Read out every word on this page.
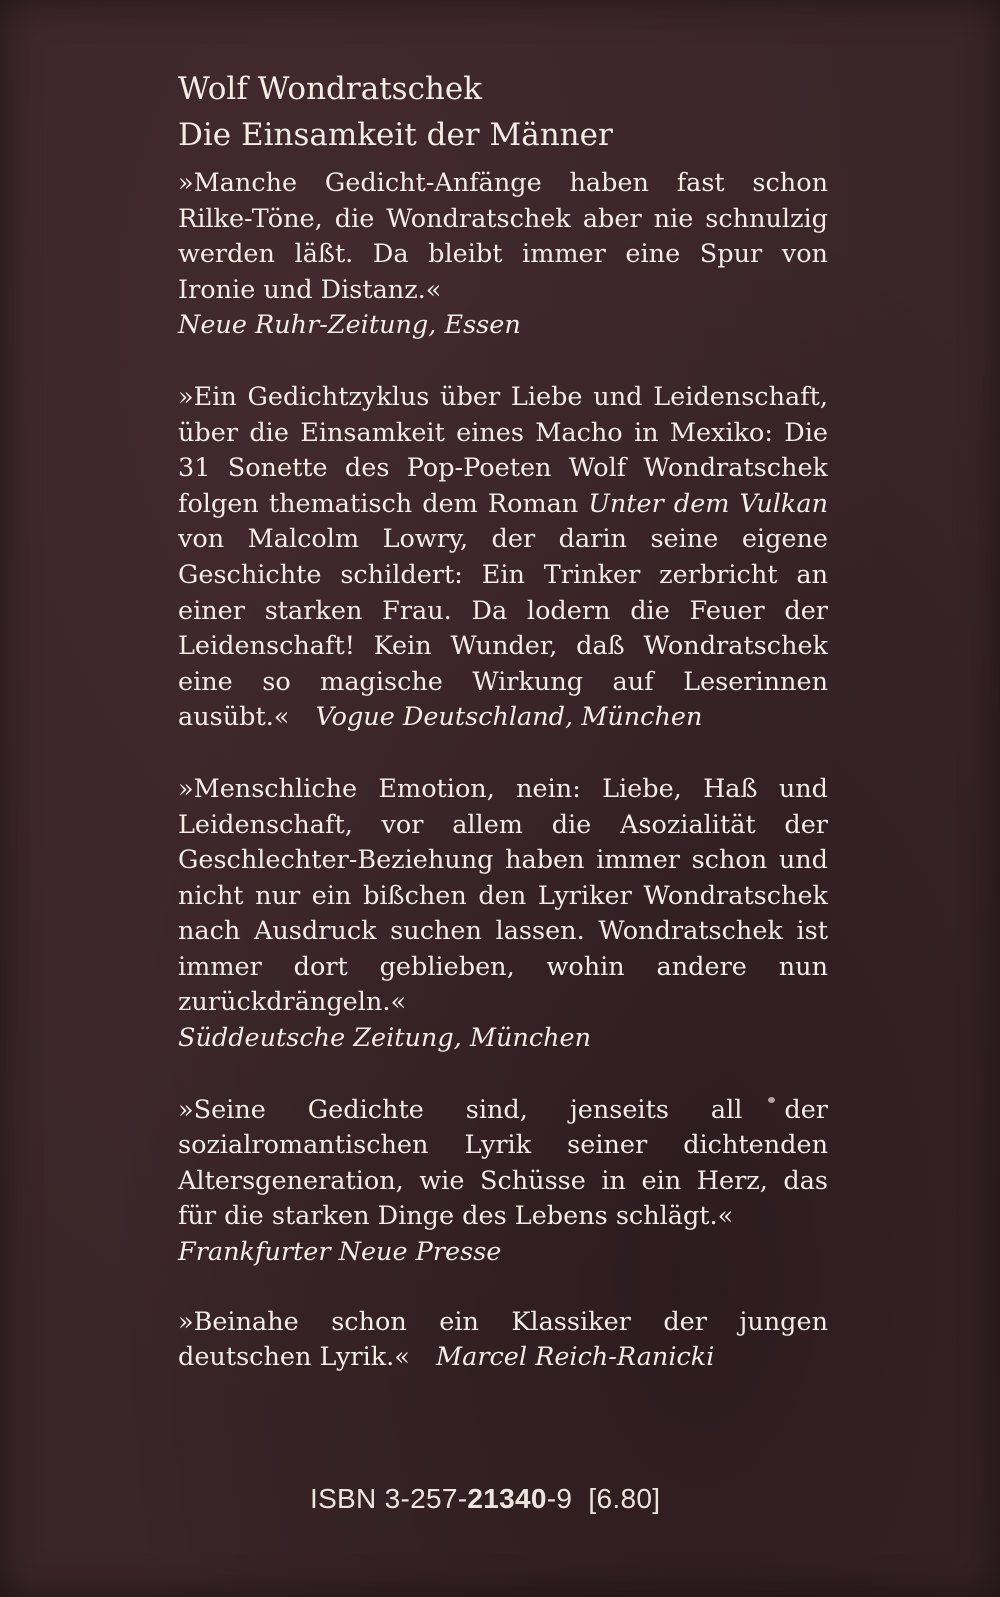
Wolf Wondratschek
Die Einsamkeit der Männer

»Manche Gedicht-Anfänge haben fast schon Rilke-Töne, die Wondratschek aber nie schnulzig werden läßt. Da bleibt immer eine Spur von Ironie und Distanz.«
Neue Ruhr-Zeitung, Essen

»Ein Gedichtzyklus über Liebe und Leidenschaft, über die Einsamkeit eines Macho in Mexiko: Die 31 Sonette des Pop-Poeten Wolf Wondratschek folgen thematisch dem Roman Unter dem Vulkan von Malcolm Lowry, der darin seine eigene Geschichte schildert: Ein Trinker zerbricht an einer starken Frau. Da lodern die Feuer der Leidenschaft! Kein Wunder, daß Wondratschek eine so magische Wirkung auf Leserinnen ausübt.« Vogue Deutschland, München

»Menschliche Emotion, nein: Liebe, Haß und Leidenschaft, vor allem die Asozialität der Geschlechter-Beziehung haben immer schon und nicht nur ein bißchen den Lyriker Wondratschek nach Ausdruck suchen lassen. Wondratschek ist immer dort geblieben, wohin andere nun zurückdrängeln.«
Süddeutsche Zeitung, München

»Seine Gedichte sind, jenseits all der sozialromantischen Lyrik seiner dichtenden Altersgeneration, wie Schüsse in ein Herz, das für die starken Dinge des Lebens schlägt.«
Frankfurter Neue Presse

»Beinahe schon ein Klassiker der jungen deutschen Lyrik.« Marcel Reich-Ranicki

ISBN 3-257-21340-9 [6.80]
